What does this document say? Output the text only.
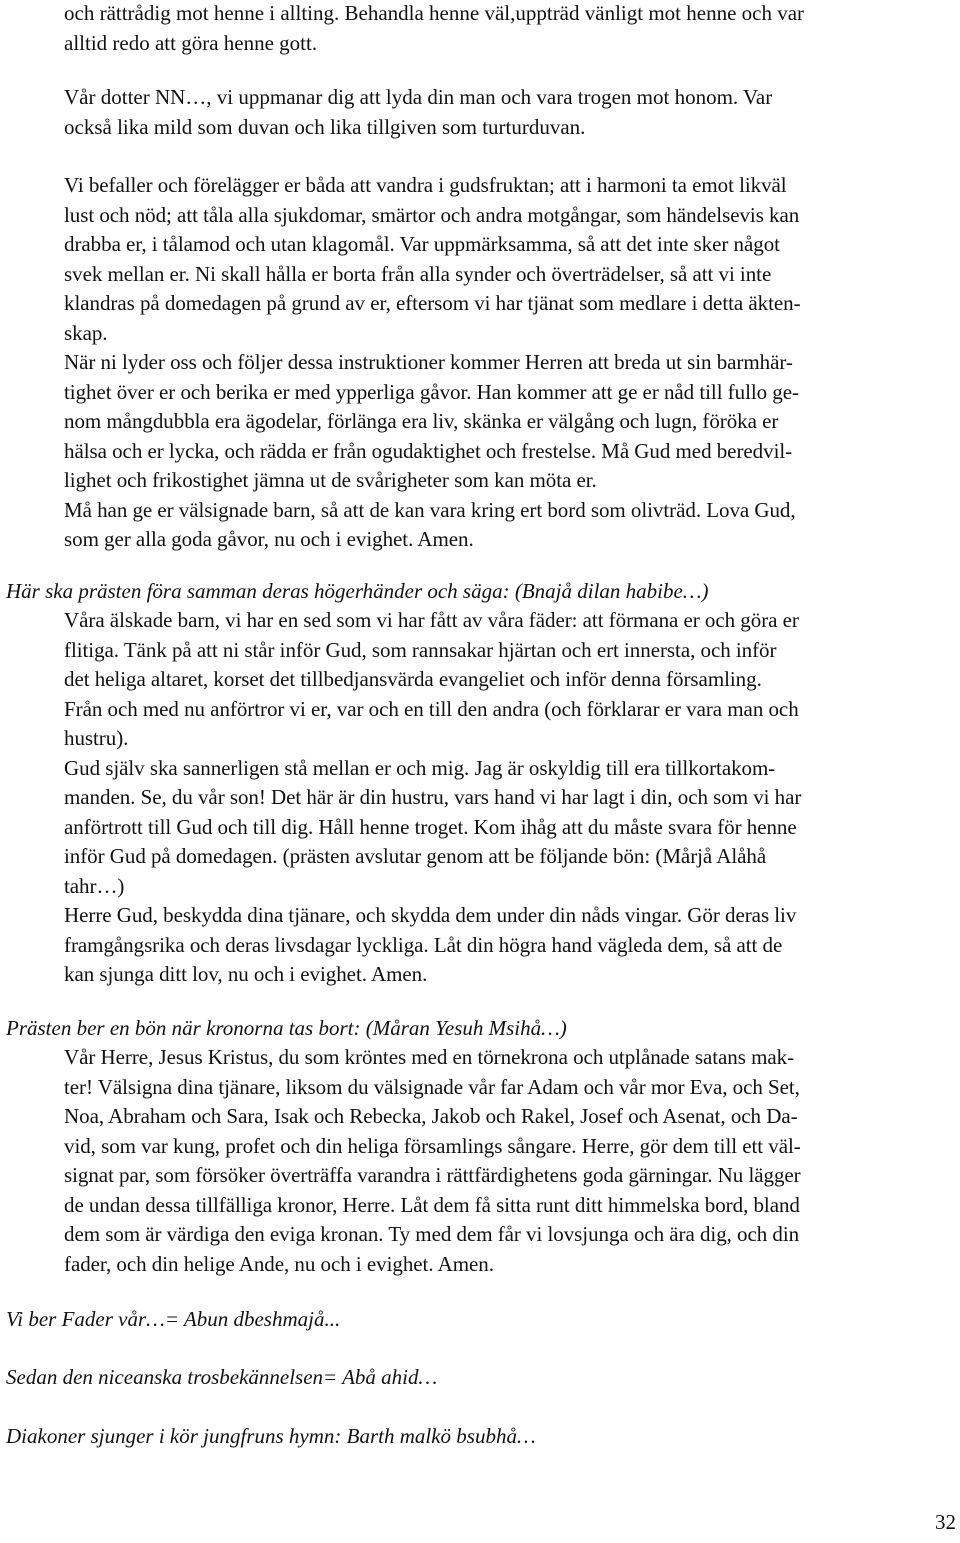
och rättrådig mot henne i allting. Behandla henne väl,uppträd vänligt mot henne och var
alltid redo att göra henne gott.

Vår dotter NN…, vi uppmanar dig att lyda din man och vara trogen mot honom. Var
också lika mild som duvan och lika tillgiven som turturduvan.

Vi befaller och förelägger er båda att vandra i gudsfruktan; att i harmoni ta emot likväl
lust och nöd; att tåla alla sjukdomar, smärtor och andra motgångar, som händelsevis kan
drabba er, i tålamod och utan klagomål. Var uppmärksamma, så att det inte sker något
svek mellan er. Ni skall hålla er borta från alla synder och överträdelser, så att vi inte
klandras på domedagen på grund av er, eftersom vi har tjänat som medlare i detta äkten-
skap.
När ni lyder oss och följer dessa instruktioner kommer Herren att breda ut sin barmhär-
tighet över er och berika er med ypperliga gåvor. Han kommer att ge er nåd till fullo ge-
nom mångdubbla era ägodelar, förlänga era liv, skänka er välgång och lugn, föröka er
hälsa och er lycka, och rädda er från ogudaktighet och frestelse. Må Gud med beredvil-
lighet och frikostighet jämna ut de svårigheter som kan möta er.
Må han ge er välsignade barn, så att de kan vara kring ert bord som olivträd. Lova Gud,
som ger alla goda gåvor, nu och i evighet. Amen.

Här ska prästen föra samman deras högerhänder och säga: (Bnajå dilan habibe…)

Våra älskade barn, vi har en sed som vi har fått av våra fäder: att förmana er och göra er
flitiga. Tänk på att ni står inför Gud, som rannsakar hjärtan och ert innersta, och inför
det heliga altaret, korset det tillbedjansvärda evangeliet och inför denna församling.
Från och med nu anförtror vi er, var och en till den andra (och förklarar er vara man och
hustru).
Gud själv ska sannerligen stå mellan er och mig. Jag är oskyldig till era tillkortakom-
manden. Se, du vår son! Det här är din hustru, vars hand vi har lagt i din, och som vi har
anförtrott till Gud och till dig. Håll henne troget. Kom ihåg att du måste svara för henne
inför Gud på domedagen. (prästen avslutar genom att be följande bön: (Mårjå Alåhå
tahr…)
Herre Gud, beskydda dina tjänare, och skydda dem under din nåds vingar. Gör deras liv
framgångsrika och deras livsdagar lyckliga. Låt din högra hand vägleda dem, så att de
kan sjunga ditt lov, nu och i evighet. Amen.

Prästen ber en bön när kronorna tas bort: (Måran Yesuh Msihå…)

Vår Herre, Jesus Kristus, du som kröntes med en törnekrona och utplånade satans mak-
ter! Välsigna dina tjänare, liksom du välsignade vår far Adam och vår mor Eva, och Set,
Noa, Abraham och Sara, Isak och Rebecka, Jakob och Rakel, Josef och Asenat, och Da-
vid, som var kung, profet och din heliga församlings sångare. Herre, gör dem till ett väl-
signat par, som försöker överträffa varandra i rättfärdighetens goda gärningar. Nu lägger
de undan dessa tillfälliga kronor, Herre. Låt dem få sitta runt ditt himmelska bord, bland
dem som är värdiga den eviga kronan. Ty med dem får vi lovsjunga och ära dig, och din
fader, och din helige Ande, nu och i evighet. Amen.

Vi ber Fader vår…= Abun dbeshmajå...

Sedan den niceanska trosbekännelsen= Abå ahid…

Diakoner sjunger i kör jungfruns hymn: Barth malkö bsubhå…

32
